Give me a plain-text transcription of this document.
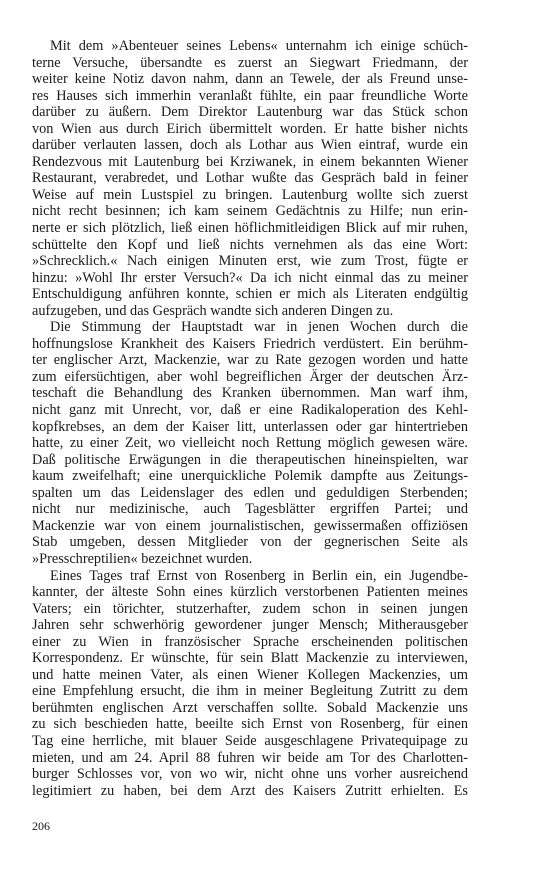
Mit dem »Abenteuer seines Lebens« unternahm ich einige schüch-
terne Versuche, übersandte es zuerst an Siegwart Friedmann, der
weiter keine Notiz davon nahm, dann an Tewele, der als Freund unse-
res Hauses sich immerhin veranlaßt fühlte, ein paar freundliche Worte
darüber zu äußern. Dem Direktor Lautenburg war das Stück schon
von Wien aus durch Eirich übermittelt worden. Er hatte bisher nichts
darüber verlauten lassen, doch als Lothar aus Wien eintraf, wurde ein
Rendezvous mit Lautenburg bei Krziwanek, in einem bekannten Wiener
Restaurant, verabredet, und Lothar wußte das Gespräch bald in feiner
Weise auf mein Lustspiel zu bringen. Lautenburg wollte sich zuerst
nicht recht besinnen; ich kam seinem Gedächtnis zu Hilfe; nun erin-
nerte er sich plötzlich, ließ einen höflichmitleidigen Blick auf mir ruhen,
schüttelte den Kopf und ließ nichts vernehmen als das eine Wort:
»Schrecklich.« Nach einigen Minuten erst, wie zum Trost, fügte er
hinzu: »Wohl Ihr erster Versuch?« Da ich nicht einmal das zu meiner
Entschuldigung anführen konnte, schien er mich als Literaten endgültig
aufzugeben, und das Gespräch wandte sich anderen Dingen zu.
Die Stimmung der Hauptstadt war in jenen Wochen durch die
hoffnungslose Krankheit des Kaisers Friedrich verdüstert. Ein berühm-
ter englischer Arzt, Mackenzie, war zu Rate gezogen worden und hatte
zum eifersüchtigen, aber wohl begreiflichen Ärger der deutschen Ärz-
teschaft die Behandlung des Kranken übernommen. Man warf ihm,
nicht ganz mit Unrecht, vor, daß er eine Radikaloperation des Kehl-
kopfkrebses, an dem der Kaiser litt, unterlassen oder gar hintertrieben
hatte, zu einer Zeit, wo vielleicht noch Rettung möglich gewesen wäre.
Daß politische Erwägungen in die therapeutischen hineinspielten, war
kaum zweifelhaft; eine unerquickliche Polemik dampfte aus Zeitungs-
spalten um das Leidenslager des edlen und geduldigen Sterbenden;
nicht nur medizinische, auch Tagesblätter ergriffen Partei; und
Mackenzie war von einem journalistischen, gewissermaßen offiziösen
Stab umgeben, dessen Mitglieder von der gegnerischen Seite als
»Presschreptilien« bezeichnet wurden.
Eines Tages traf Ernst von Rosenberg in Berlin ein, ein Jugendbe-
kannter, der älteste Sohn eines kürzlich verstorbenen Patienten meines
Vaters; ein törichter, stutzerhafter, zudem schon in seinen jungen
Jahren sehr schwerhörig gewordener junger Mensch; Mitherausgeber
einer zu Wien in französischer Sprache erscheinenden politischen
Korrespondenz. Er wünschte, für sein Blatt Mackenzie zu interviewen,
und hatte meinen Vater, als einen Wiener Kollegen Mackenzies, um
eine Empfehlung ersucht, die ihm in meiner Begleitung Zutritt zu dem
berühmten englischen Arzt verschaffen sollte. Sobald Mackenzie uns
zu sich beschieden hatte, beeilte sich Ernst von Rosenberg, für einen
Tag eine herrliche, mit blauer Seide ausgeschlagene Privatequipage zu
mieten, und am 24. April 88 fuhren wir beide am Tor des Charlotten-
burger Schlosses vor, von wo wir, nicht ohne uns vorher ausreichend
legitimiert zu haben, bei dem Arzt des Kaisers Zutritt erhielten. Es
206
